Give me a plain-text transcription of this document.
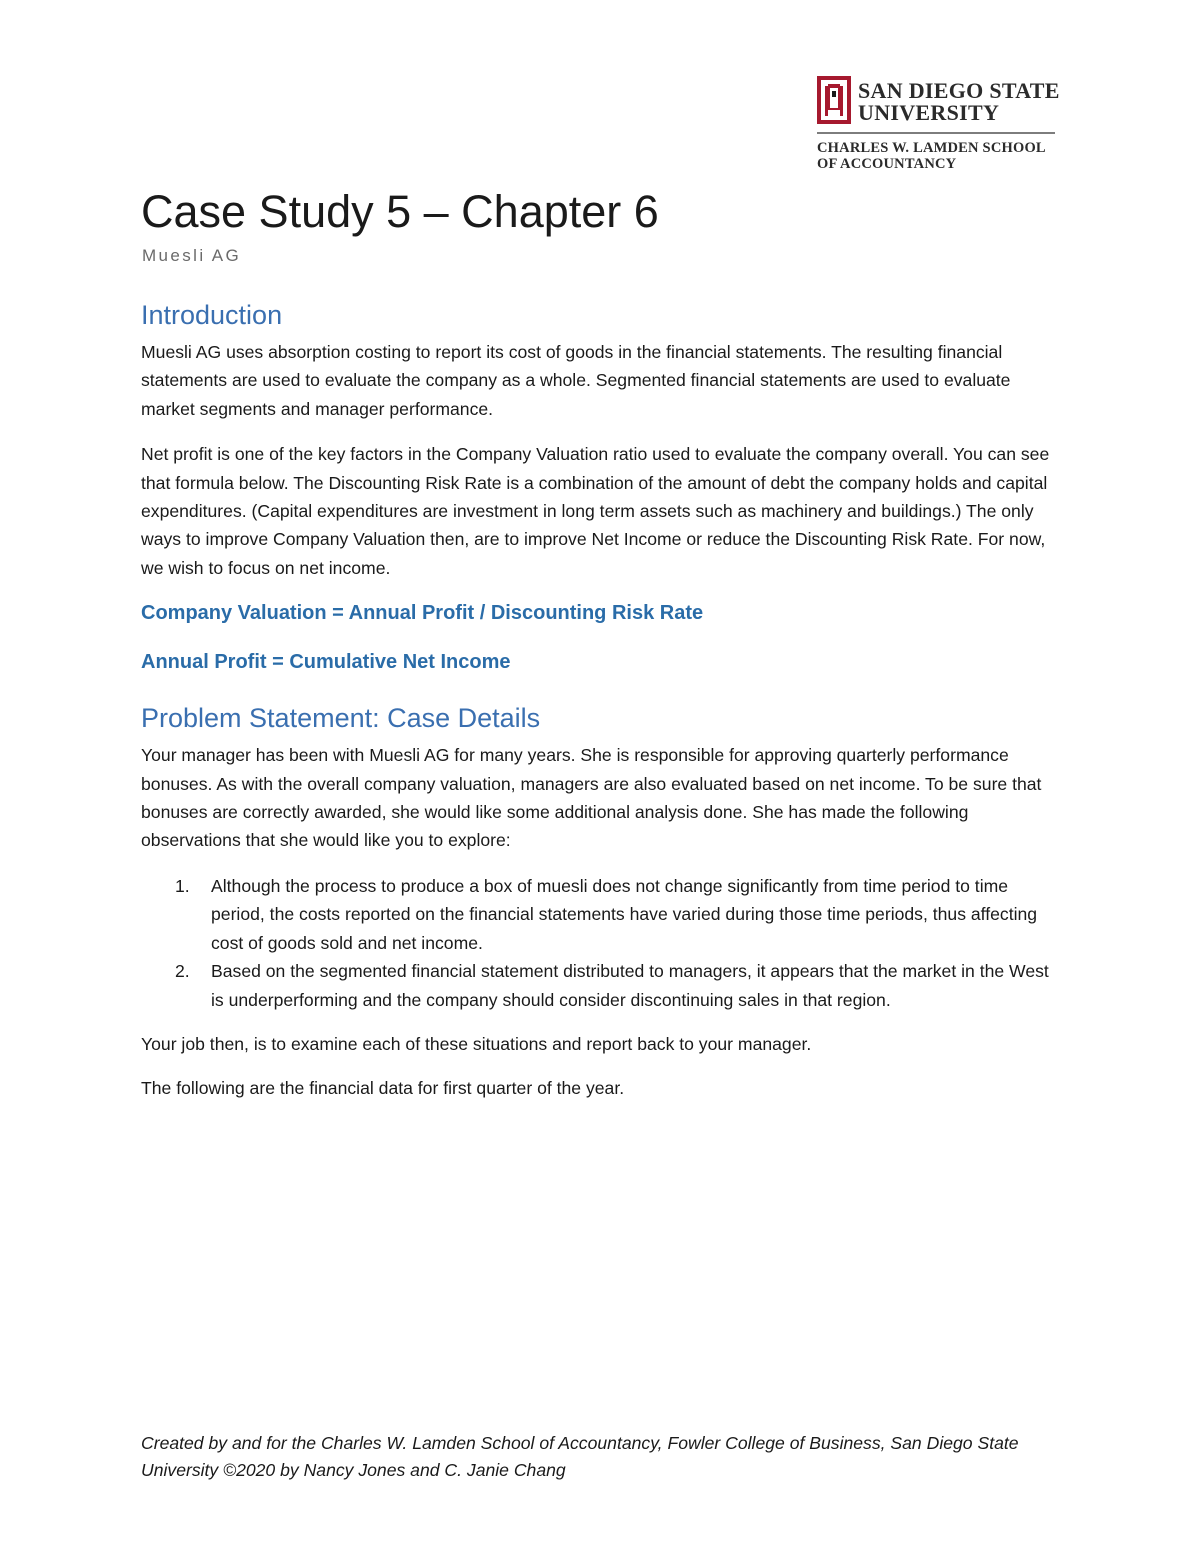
SAN DIEGO STATE
UNIVERSITY
CHARLES W. LAMDEN SCHOOL
OF ACCOUNTANCY
Case Study 5 – Chapter 6

Muesli AG

Introduction

Muesli AG uses absorption costing to report its cost of goods in the financial statements. The resulting financial statements are used to evaluate the company as a whole. Segmented financial statements are used to evaluate market segments and manager performance.

Net profit is one of the key factors in the Company Valuation ratio used to evaluate the company overall. You can see that formula below. The Discounting Risk Rate is a combination of the amount of debt the company holds and capital expenditures. (Capital expenditures are investment in long term assets such as machinery and buildings.) The only ways to improve Company Valuation then, are to improve Net Income or reduce the Discounting Risk Rate. For now, we wish to focus on net income.

Company Valuation = Annual Profit / Discounting Risk Rate

Annual Profit = Cumulative Net Income

Problem Statement: Case Details

Your manager has been with Muesli AG for many years. She is responsible for approving quarterly performance bonuses. As with the overall company valuation, managers are also evaluated based on net income. To be sure that bonuses are correctly awarded, she would like some additional analysis done. She has made the following observations that she would like you to explore:

1. Although the process to produce a box of muesli does not change significantly from time period to time period, the costs reported on the financial statements have varied during those time periods, thus affecting cost of goods sold and net income.
2. Based on the segmented financial statement distributed to managers, it appears that the market in the West is underperforming and the company should consider discontinuing sales in that region.

Your job then, is to examine each of these situations and report back to your manager.

The following are the financial data for first quarter of the year.

Created by and for the Charles W. Lamden School of Accountancy, Fowler College of Business, San Diego State University ©2020 by Nancy Jones and C. Janie Chang
